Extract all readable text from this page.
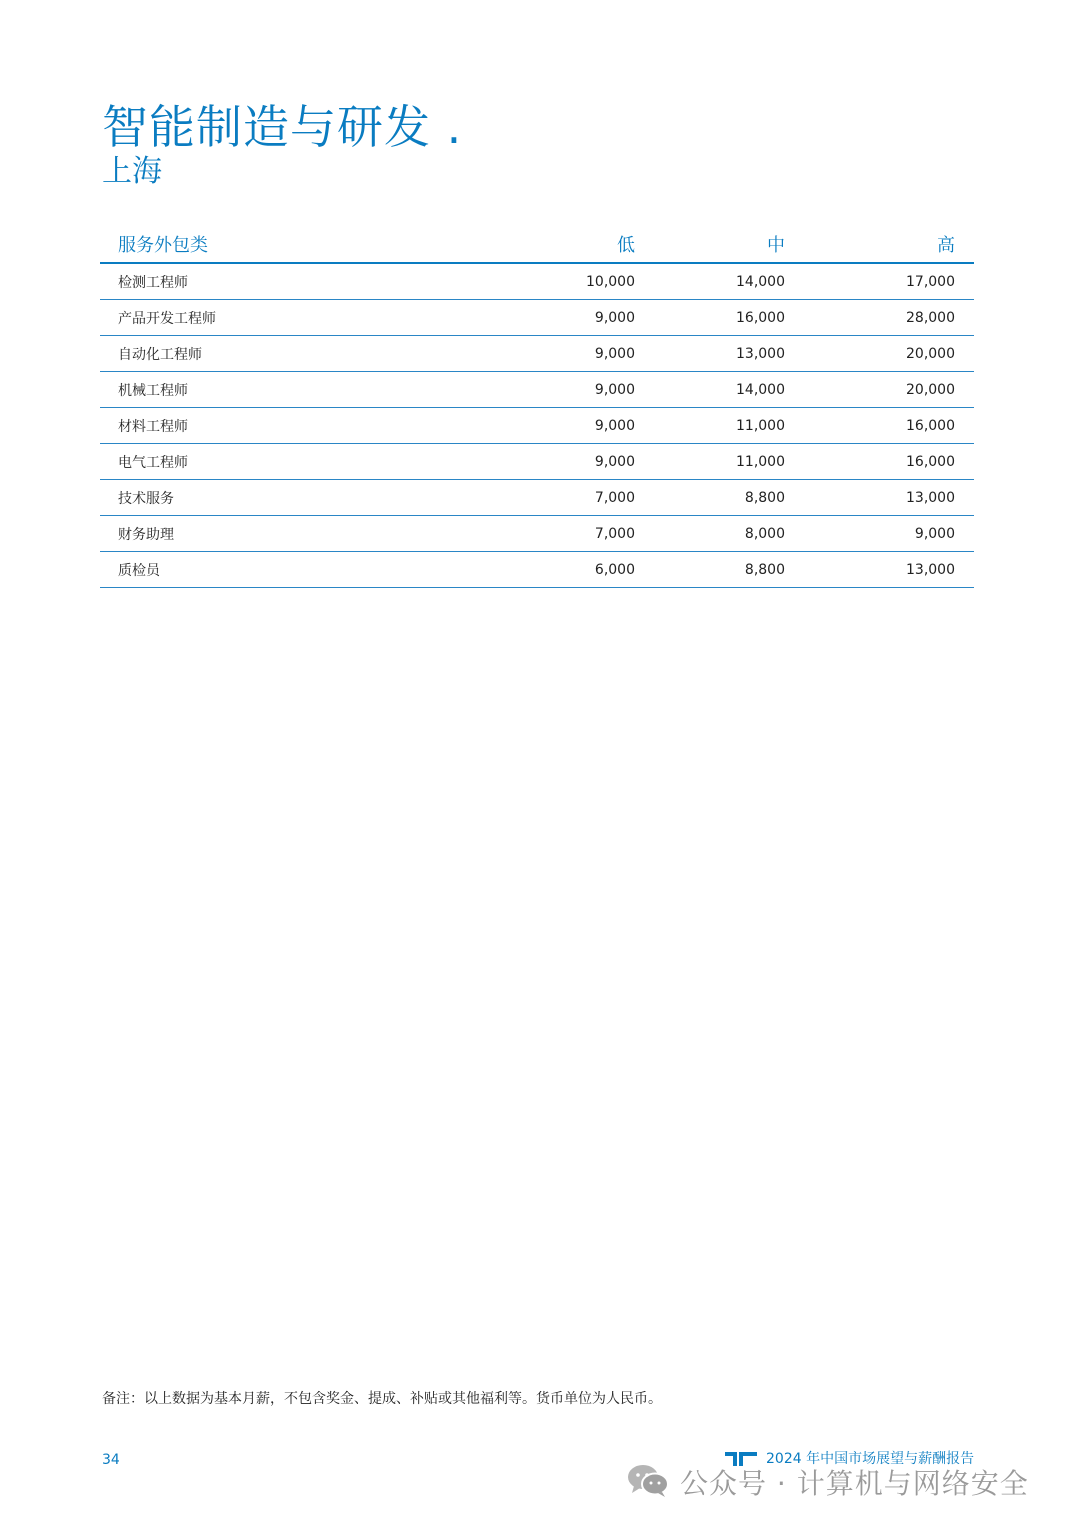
智能制造与研发 .
上海
服务外包类	低	中	高
检测工程师	10,000	14,000	17,000
产品开发工程师	9,000	16,000	28,000
自动化工程师	9,000	13,000	20,000
机械工程师	9,000	14,000	20,000
材料工程师	9,000	11,000	16,000
电气工程师	9,000	11,000	16,000
技术服务	7,000	8,800	13,000
财务助理	7,000	8,000	9,000
质检员	6,000	8,800	13,000
备注：以上数据为基本月薪，不包含奖金、提成、补贴或其他福利等。货币单位为人民币。
34	2024 年中国市场展望与薪酬报告
公众号 · 计算机与网络安全
